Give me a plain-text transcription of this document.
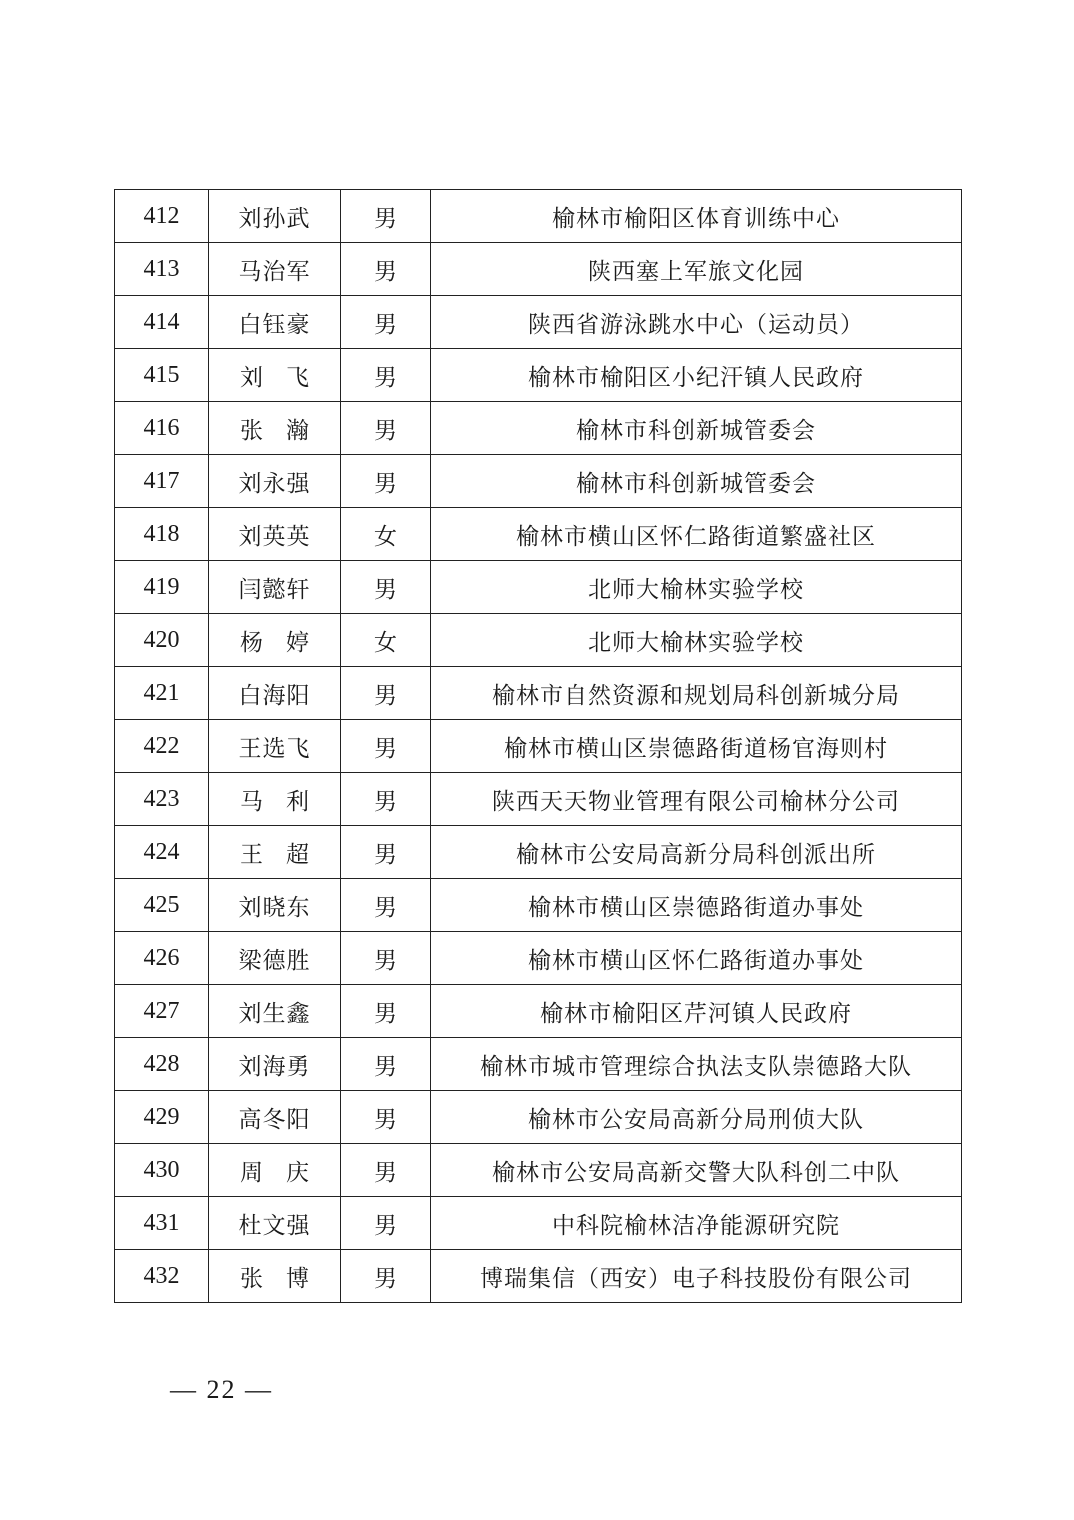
412	刘孙武	男	榆林市榆阳区体育训练中心
413	马治军	男	陕西塞上军旅文化园
414	白钰豪	男	陕西省游泳跳水中心（运动员）
415	刘　飞	男	榆林市榆阳区小纪汗镇人民政府
416	张　瀚	男	榆林市科创新城管委会
417	刘永强	男	榆林市科创新城管委会
418	刘英英	女	榆林市横山区怀仁路街道繁盛社区
419	闫懿轩	男	北师大榆林实验学校
420	杨　婷	女	北师大榆林实验学校
421	白海阳	男	榆林市自然资源和规划局科创新城分局
422	王选飞	男	榆林市横山区崇德路街道杨官海则村
423	马　利	男	陕西天天物业管理有限公司榆林分公司
424	王　超	男	榆林市公安局高新分局科创派出所
425	刘晓东	男	榆林市横山区崇德路街道办事处
426	梁德胜	男	榆林市横山区怀仁路街道办事处
427	刘生鑫	男	榆林市榆阳区芹河镇人民政府
428	刘海勇	男	榆林市城市管理综合执法支队崇德路大队
429	高冬阳	男	榆林市公安局高新分局刑侦大队
430	周　庆	男	榆林市公安局高新交警大队科创二中队
431	杜文强	男	中科院榆林洁净能源研究院
432	张　博	男	博瑞集信（西安）电子科技股份有限公司
— 22 —
